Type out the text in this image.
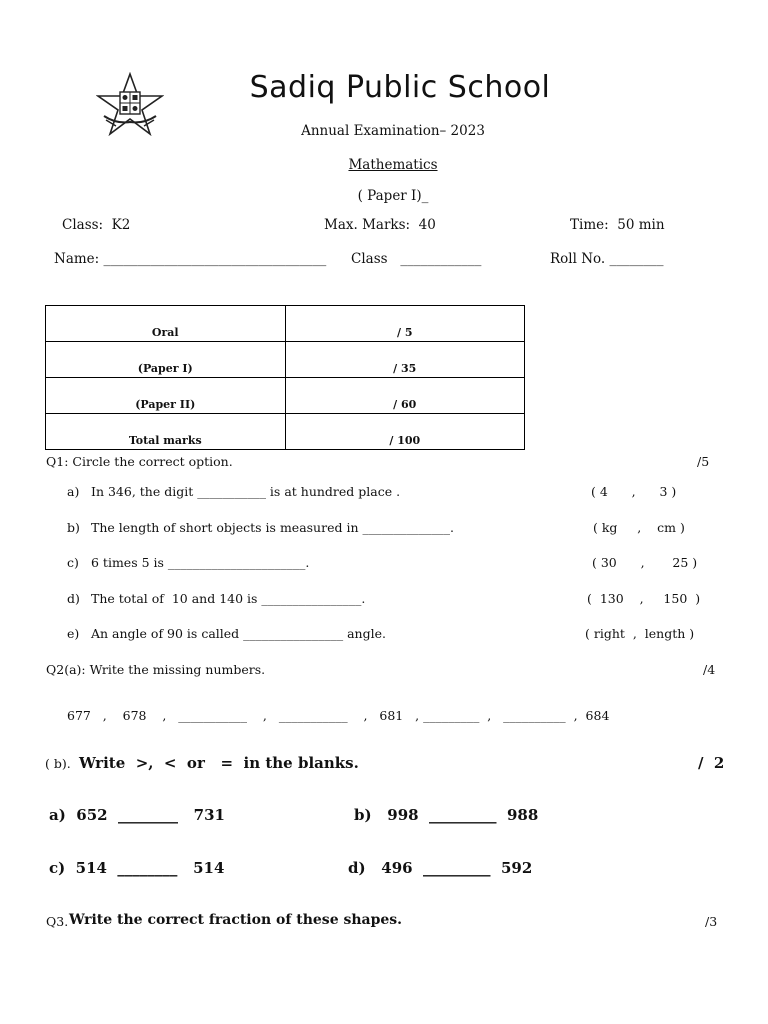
Sadiq Public School
Annual Examination– 2023
Mathematics
( Paper I)_
Class:  K2	Max. Marks:  40	Time:  50 min
Name: _________________________________ Class   ____________	Roll No. ________
Oral	/ 5
(Paper I)	/ 35
(Paper II)	/ 60
Total marks	/ 100
Q1: Circle the correct option.	/5
a) In 346, the digit ___________ is at hundred place .	( 4      ,      3 )
b) The length of short objects is measured in ______________.	( kg     ,    cm )
c) 6 times 5 is ______________________.	( 30      ,       25 )
d) The total of  10 and 140 is ________________.	(  130    ,     150  )
e) An angle of 90 is called ________________ angle.	( right  ,  length )
Q2(a): Write the missing numbers.	/4
677   ,    678    ,   ___________    ,   ___________    ,   681   , _________  ,   __________  ,  684
( b). Write  >,  <  or   =  in the blanks.	/  2
a)  652  ________   731	b)   998  _________  988
c)  514  ________   514	d)   496  _________  592
Q3. Write the correct fraction of these shapes.	/3
